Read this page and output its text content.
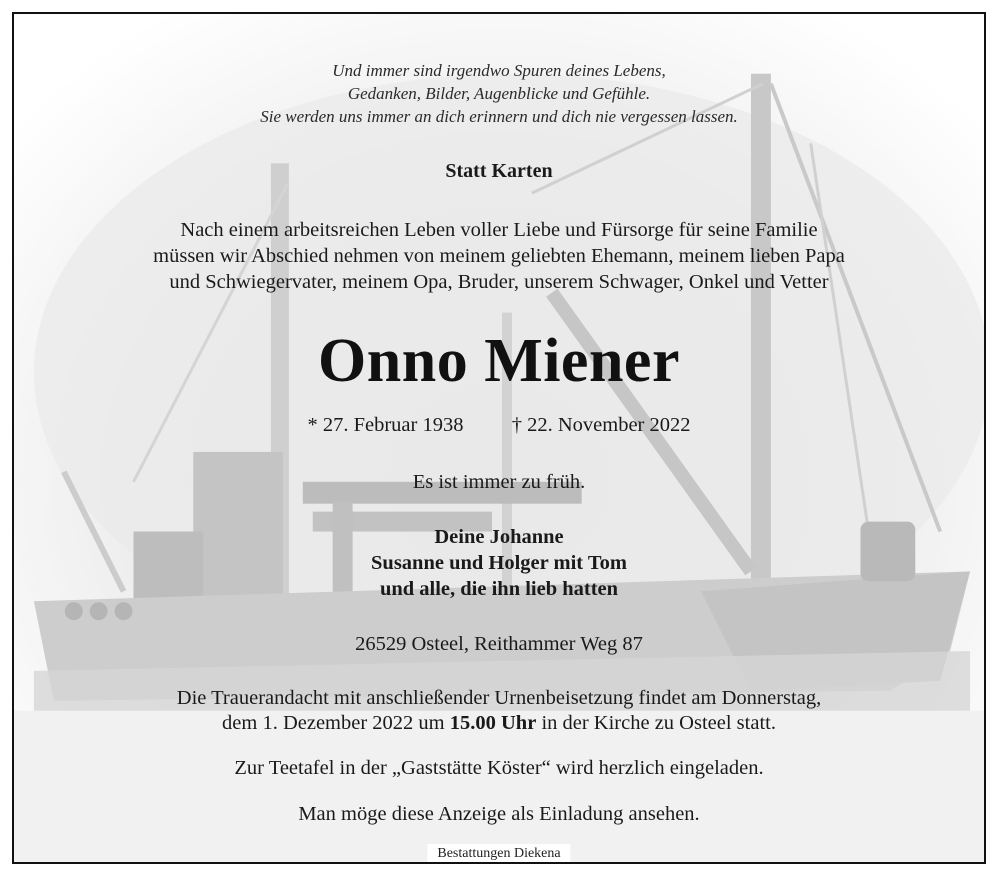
Und immer sind irgendwo Spuren deines Lebens,

Gedanken, Bilder, Augenblicke und Gefühle.

Sie werden uns immer an dich erinnern und dich nie vergessen lassen.

Statt Karten

Nach einem arbeitsreichen Leben voller Liebe und Fürsorge für seine Familie

müssen wir Abschied nehmen von meinem geliebten Ehemann, meinem lieben Papa

und Schwiegervater, meinem Opa, Bruder, unserem Schwager, Onkel und Vetter

Onno Miener

* 27. Februar 1938 † 22. November 2022

Es ist immer zu früh.

Deine Johanne

Susanne und Holger mit Tom

und alle, die ihn lieb hatten

26529 Osteel, Reithammer Weg 87

Die Trauerandacht mit anschließender Urnenbeisetzung findet am Donnerstag,

dem 1. Dezember 2022 um 15.00 Uhr in der Kirche zu Osteel statt.

Zur Teetafel in der „Gaststätte Köster“ wird herzlich eingeladen.

Man möge diese Anzeige als Einladung ansehen.

Bestattungen Diekena
